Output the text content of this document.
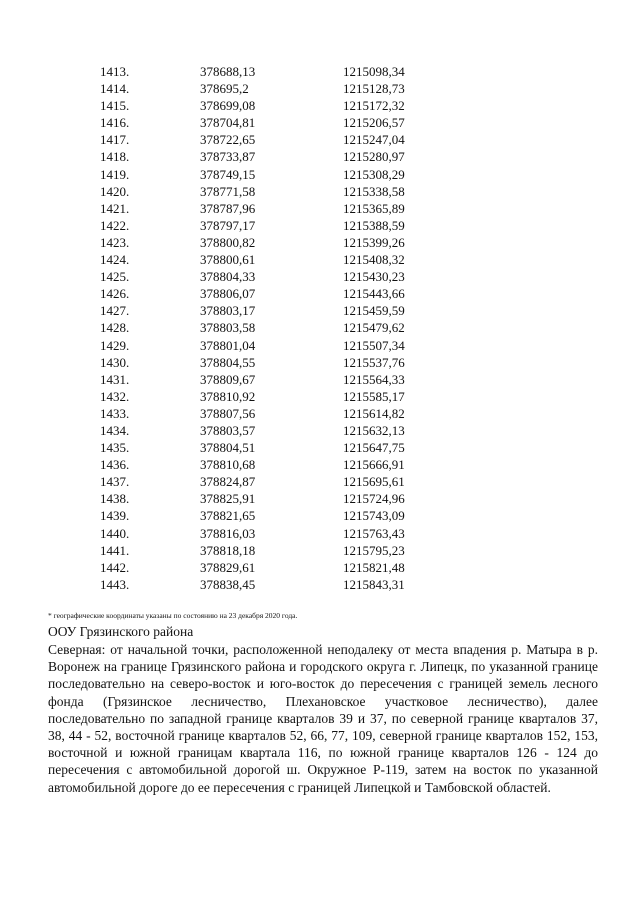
1413.	378688,13	1215098,34
1414.	378695,2	1215128,73
1415.	378699,08	1215172,32
1416.	378704,81	1215206,57
1417.	378722,65	1215247,04
1418.	378733,87	1215280,97
1419.	378749,15	1215308,29
1420.	378771,58	1215338,58
1421.	378787,96	1215365,89
1422.	378797,17	1215388,59
1423.	378800,82	1215399,26
1424.	378800,61	1215408,32
1425.	378804,33	1215430,23
1426.	378806,07	1215443,66
1427.	378803,17	1215459,59
1428.	378803,58	1215479,62
1429.	378801,04	1215507,34
1430.	378804,55	1215537,76
1431.	378809,67	1215564,33
1432.	378810,92	1215585,17
1433.	378807,56	1215614,82
1434.	378803,57	1215632,13
1435.	378804,51	1215647,75
1436.	378810,68	1215666,91
1437.	378824,87	1215695,61
1438.	378825,91	1215724,96
1439.	378821,65	1215743,09
1440.	378816,03	1215763,43
1441.	378818,18	1215795,23
1442.	378829,61	1215821,48
1443.	378838,45	1215843,31
* географические координаты указаны по состоянию на 23 декабря 2020 года.
ООУ Грязинского района

Северная: от начальной точки, расположенной неподалеку от места впадения р. Матыра в р. Воронеж на границе Грязинского района и городского округа г. Липецк, по указанной границе последовательно на северо-восток и юго-восток до пересечения с границей земель лесного фонда (Грязинское лесничество, Плехановское участковое лесничество), далее последовательно по западной границе кварталов 39 и 37, по северной границе кварталов 37, 38, 44 - 52, восточной границе кварталов 52, 66, 77, 109, северной границе кварталов 152, 153, восточной и южной границам квартала 116, по южной границе кварталов 126 - 124 до пересечения с автомобильной дорогой ш. Окружное Р-119, затем на восток по указанной автомобильной дороге до ее пересечения с границей Липецкой и Тамбовской областей.
